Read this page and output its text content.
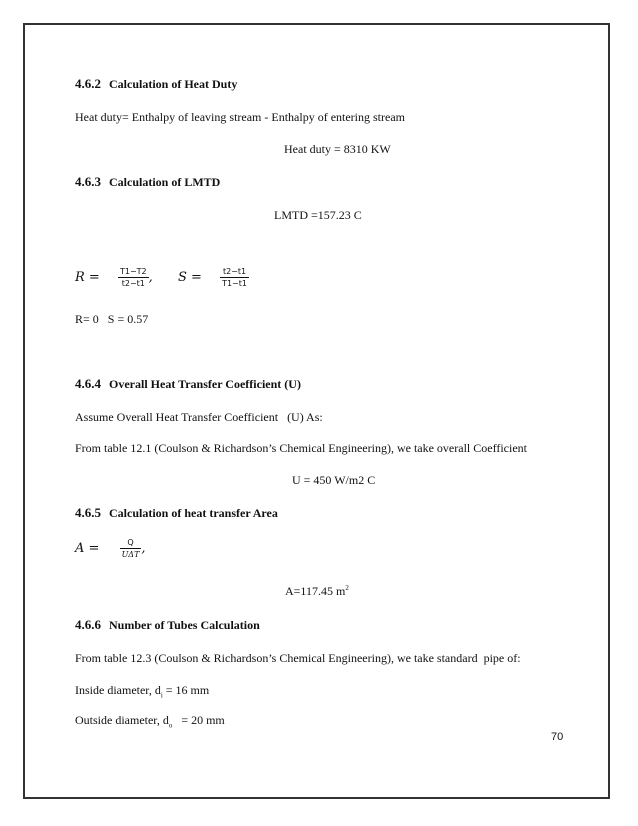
4.6.2 Calculation of Heat Duty
Heat duty= Enthalpy of leaving stream - Enthalpy of entering stream
Heat duty = 8310 KW
4.6.3 Calculation of LMTD
LMTD =157.23 C
$R = \frac{T1-T2}{t2-t1}$ , $S = \frac{t2-t1}{T1-t1}$
R= 0   S = 0.57
4.6.4 Overall Heat Transfer Coefficient (U)
Assume Overall Heat Transfer Coefficient   (U) As:
From table 12.1 (Coulson & Richardson’s Chemical Engineering), we take overall Coefficient
U = 450 W/m2 C
4.6.5 Calculation of heat transfer Area
A =	$\frac{Q}{\text{UΔT}}$ ,
A=117.45 $m^2$
4.6.6 Number of Tubes Calculation
From table 12.3 (Coulson & Richardson’s Chemical Engineering), we take standard  pipe of:
Inside diameter, $d_i = 16$ mm
Outside diameter, $d_o = 20$ mm
70
